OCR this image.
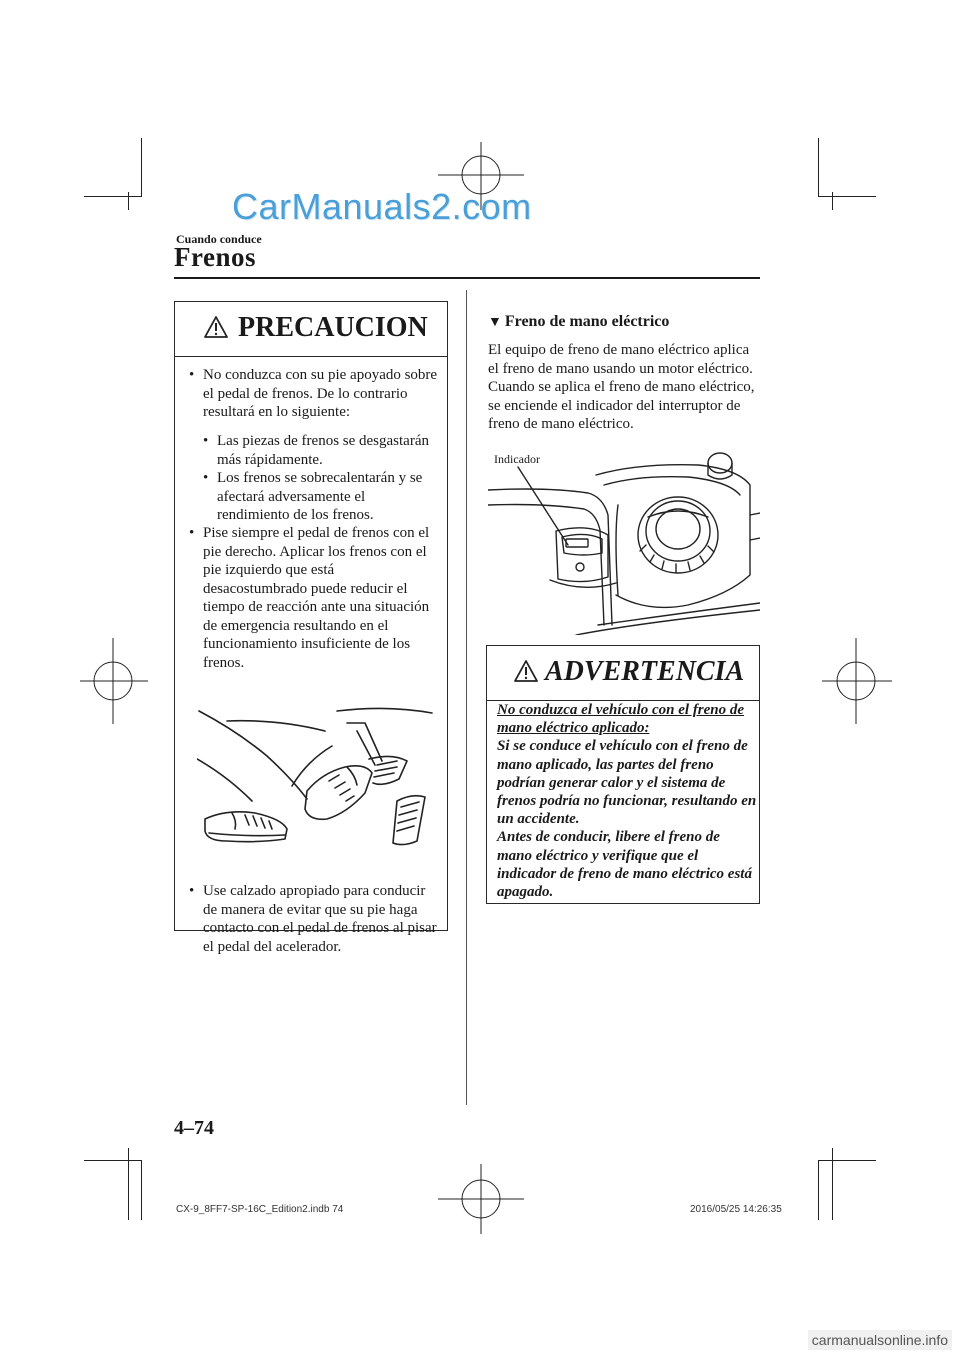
CarManuals2.com
Cuando conduce
Frenos
PRECAUCION
• No conduzca con su pie apoyado sobre el pedal de frenos. De lo contrario resultará en lo siguiente:
• Las piezas de frenos se desgastarán más rápidamente.
• Los frenos se sobrecalentarán y se afectará adversamente el rendimiento de los frenos.
• Pise siempre el pedal de frenos con el pie derecho. Aplicar los frenos con el pie izquierdo que está desacostumbrado puede reducir el tiempo de reacción ante una situación de emergencia resultando en el funcionamiento insuficiente de los frenos.
• Use calzado apropiado para conducir de manera de evitar que su pie haga contacto con el pedal de frenos al pisar el pedal del acelerador.
▼ Freno de mano eléctrico
El equipo de freno de mano eléctrico aplica el freno de mano usando un motor eléctrico. Cuando se aplica el freno de mano eléctrico, se enciende el indicador del interruptor de freno de mano eléctrico.
Indicador
ADVERTENCIA
No conduzca el vehículo con el freno de mano eléctrico aplicado:
Si se conduce el vehículo con el freno de mano aplicado, las partes del freno podrían generar calor y el sistema de frenos podría no funcionar, resultando en un accidente.
Antes de conducir, libere el freno de mano eléctrico y verifique que el indicador de freno de mano eléctrico está apagado.
4–74
CX-9_8FF7-SP-16C_Edition2.indb 74	2016/05/25 14:26:35
carmanualsonline.info
